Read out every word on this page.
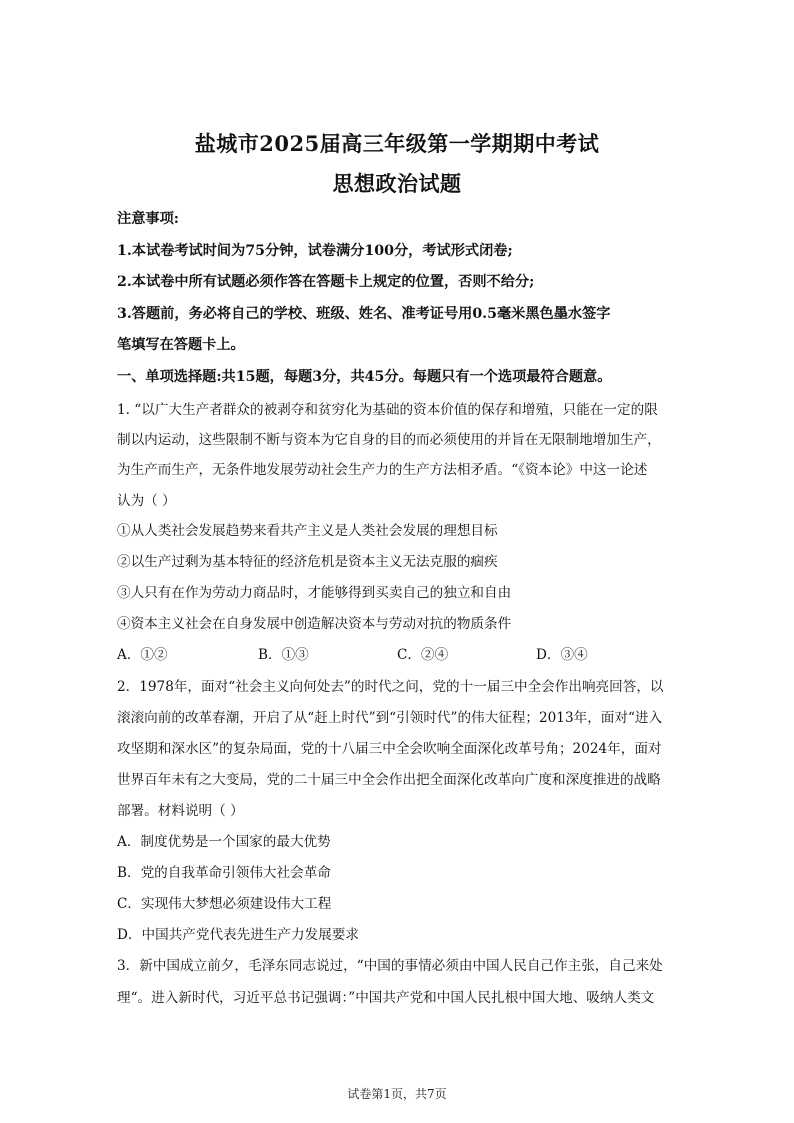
盐城市2025届高三年级第一学期期中考试
思想政治试题
注意事项:
1.本试卷考试时间为75分钟，试卷满分100分，考试形式闭卷;
2.本试卷中所有试题必须作答在答题卡上规定的位置，否则不给分;
3.答题前，务必将自己的学校、班级、姓名、准考证号用0.5毫米黑色墨水签字
笔填写在答题卡上。
一、单项选择题:共15题，每题3分，共45分。每题只有一个选项最符合题意。
1. “以广大生产者群众的被剥夺和贫穷化为基础的资本价值的保存和增殖，只能在一定的限
制以内运动，这些限制不断与资本为它自身的目的而必须使用的并旨在无限制地增加生产，
为生产而生产，无条件地发展劳动社会生产力的生产方法相矛盾。“《资本论》中这一论述
认为（ ）
①从人类社会发展趋势来看共产主义是人类社会发展的理想目标
②以生产过剩为基本特征的经济危机是资本主义无法克服的痼疾
③人只有在作为劳动力商品时，才能够得到买卖自己的独立和自由
④资本主义社会在自身发展中创造解决资本与劳动对抗的物质条件
A．①②	B．①③	C．②④	D．③④
2．1978年，面对“社会主义向何处去”的时代之问，党的十一届三中全会作出响亮回答，以
滚滚向前的改革春潮，开启了从“赶上时代”到“引领时代”的伟大征程；2013年，面对“进入
攻坚期和深水区”的复杂局面，党的十八届三中全会吹响全面深化改革号角；2024年，面对
世界百年未有之大变局，党的二十届三中全会作出把全面深化改革向广度和深度推进的战略
部署。材料说明（ ）
A．制度优势是一个国家的最大优势
B．党的自我革命引领伟大社会革命
C．实现伟大梦想必须建设伟大工程
D．中国共产党代表先进生产力发展要求
3．新中国成立前夕，毛泽东同志说过，“中国的事情必须由中国人民自己作主张，自己来处
理“。进入新时代，习近平总书记强调：”中国共产党和中国人民扎根中国大地、吸纳人类文
试卷第1页，共7页
